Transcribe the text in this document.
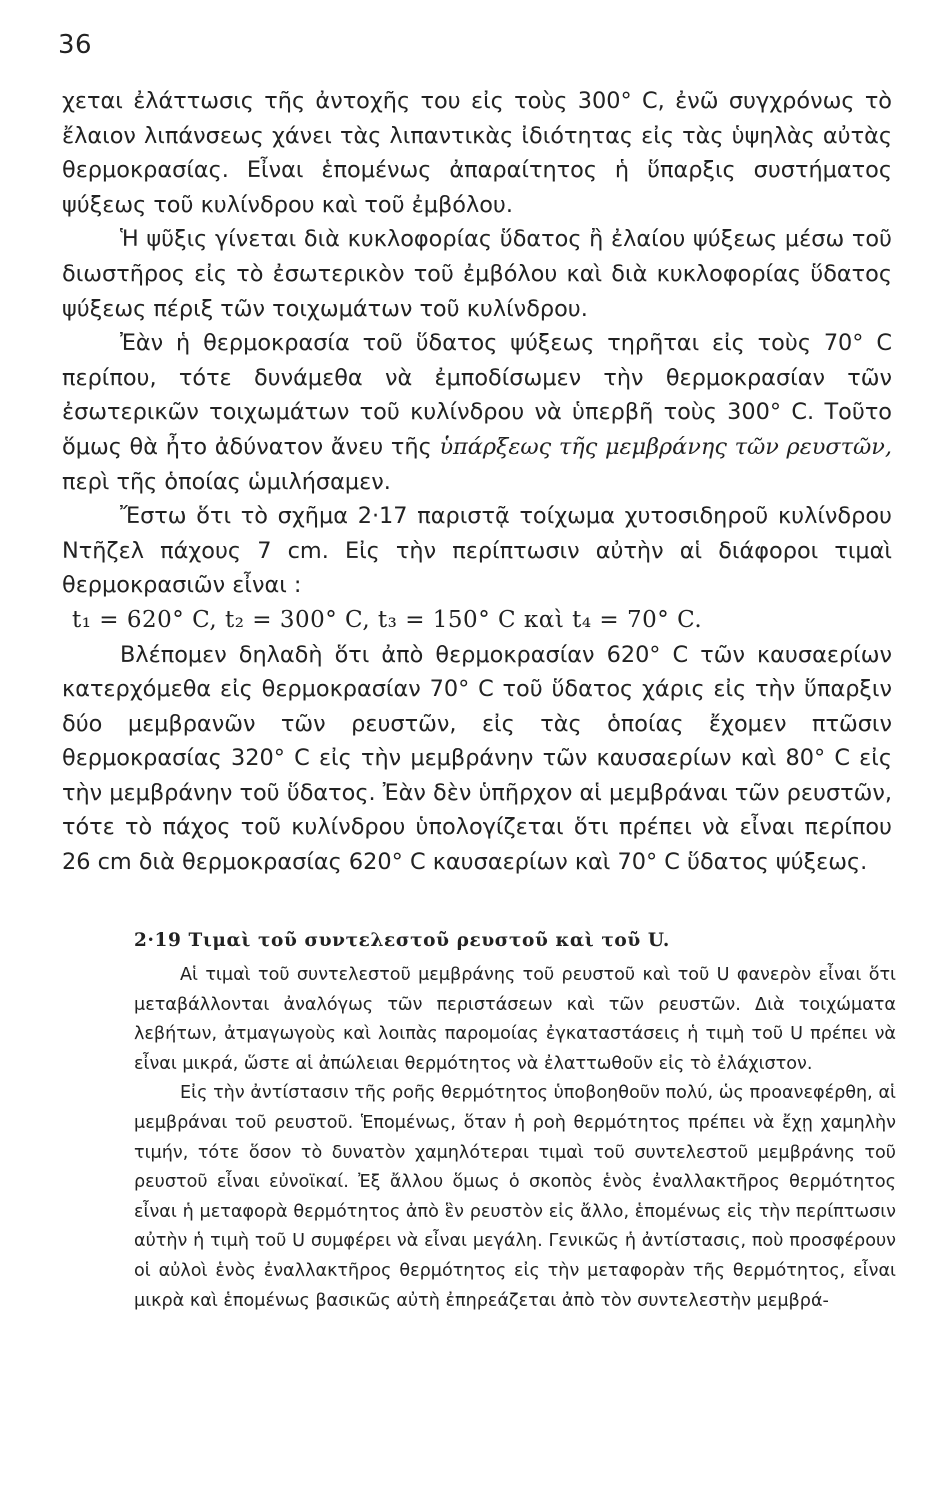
36

χεται ἐλάττωσις τῆς ἀντοχῆς του εἰς τοὺς 300° C, ἐνῶ συγχρόνως τὸ ἔλαιον λιπάνσεως χάνει τὰς λιπαντικὰς ἰδιότητας εἰς τὰς ὑψηλὰς αὐτὰς θερμοκρασίας. Εἶναι ἑπομένως ἀπαραίτητος ἡ ὕπαρξις συστήματος ψύξεως τοῦ κυλίνδρου καὶ τοῦ ἐμβόλου.

Ἡ ψῦξις γίνεται διὰ κυκλοφορίας ὕδατος ἢ ἐλαίου ψύξεως μέσω τοῦ διωστῆρος εἰς τὸ ἐσωτερικὸν τοῦ ἐμβόλου καὶ διὰ κυκλοφορίας ὕδατος ψύξεως πέριξ τῶν τοιχωμάτων τοῦ κυλίνδρου.

Ἐὰν ἡ θερμοκρασία τοῦ ὕδατος ψύξεως τηρῆται εἰς τοὺς 70° C περίπου, τότε δυνάμεθα νὰ ἐμποδίσωμεν τὴν θερμοκρασίαν τῶν ἐσωτερικῶν τοιχωμάτων τοῦ κυλίνδρου νὰ ὑπερβῆ τοὺς 300° C. Τοῦτο ὅμως θὰ ἦτο ἀδύνατον ἄνευ τῆς ὑπάρξεως τῆς μεμβράνης τῶν ρευστῶν, περὶ τῆς ὁποίας ὡμιλήσαμεν.

Ἔστω ὅτι τὸ σχῆμα 2·17 παριστᾷ τοίχωμα χυτοσιδηροῦ κυλίνδρου Ντῆζελ πάχους 7 cm. Εἰς τὴν περίπτωσιν αὐτὴν αἱ διάφοροι τιμαὶ θερμοκρασιῶν εἶναι :

t₁ = 620° C, t₂ = 300° C, t₃ = 150° C καὶ t₄ = 70° C.

Βλέπομεν δηλαδὴ ὅτι ἀπὸ θερμοκρασίαν 620° C τῶν καυσαερίων κατερχόμεθα εἰς θερμοκρασίαν 70° C τοῦ ὕδατος χάρις εἰς τὴν ὕπαρξιν δύο μεμβρανῶν τῶν ρευστῶν, εἰς τὰς ὁποίας ἔχομεν πτῶσιν θερμοκρασίας 320° C εἰς τὴν μεμβράνην τῶν καυσαερίων καὶ 80° C εἰς τὴν μεμβράνην τοῦ ὕδατος. Ἐὰν δὲν ὑπῆρχον αἱ μεμβράναι τῶν ρευστῶν, τότε τὸ πάχος τοῦ κυλίνδρου ὑπολογίζεται ὅτι πρέπει νὰ εἶναι περίπου 26 cm διὰ θερμοκρασίας 620° C καυσαερίων καὶ 70° C ὕδατος ψύξεως.

2·19 Τιμαὶ τοῦ συντελεστοῦ ρευστοῦ καὶ τοῦ U.

Αἱ τιμαὶ τοῦ συντελεστοῦ μεμβράνης τοῦ ρευστοῦ καὶ τοῦ U φανερὸν εἶναι ὅτι μεταβάλλονται ἀναλόγως τῶν περιστάσεων καὶ τῶν ρευστῶν. Διὰ τοιχώματα λεβήτων, ἀτμαγωγοὺς καὶ λοιπὰς παρομοίας ἐγκαταστάσεις ἡ τιμὴ τοῦ U πρέπει νὰ εἶναι μικρά, ὥστε αἱ ἀπώλειαι θερμότητος νὰ ἐλαττωθοῦν εἰς τὸ ἐλάχιστον.

Εἰς τὴν ἀντίστασιν τῆς ροῆς θερμότητος ὑποβοηθοῦν πολύ, ὡς προανεφέρθη, αἱ μεμβράναι τοῦ ρευστοῦ. Ἑπομένως, ὅταν ἡ ροὴ θερμότητος πρέπει νὰ ἔχῃ χαμηλὴν τιμήν, τότε ὅσον τὸ δυνατὸν χαμηλότεραι τιμαὶ τοῦ συντελεστοῦ μεμβράνης τοῦ ρευστοῦ εἶναι εὐνοϊκαί. Ἐξ ἄλλου ὅμως ὁ σκοπὸς ἑνὸς ἐναλλακτῆρος θερμότητος εἶναι ἡ μεταφορὰ θερμότητος ἀπὸ ἓν ρευστὸν εἰς ἄλλο, ἑπομένως εἰς τὴν περίπτωσιν αὐτὴν ἡ τιμὴ τοῦ U συμφέρει νὰ εἶναι μεγάλη. Γενικῶς ἡ ἀντίστασις, ποὺ προσφέρουν οἱ αὐλοὶ ἑνὸς ἐναλλακτῆρος θερμότητος εἰς τὴν μεταφορὰν τῆς θερμότητος, εἶναι μικρὰ καὶ ἑπομένως βασικῶς αὐτὴ ἐπηρεάζεται ἀπὸ τὸν συντελεστὴν μεμβρά-
